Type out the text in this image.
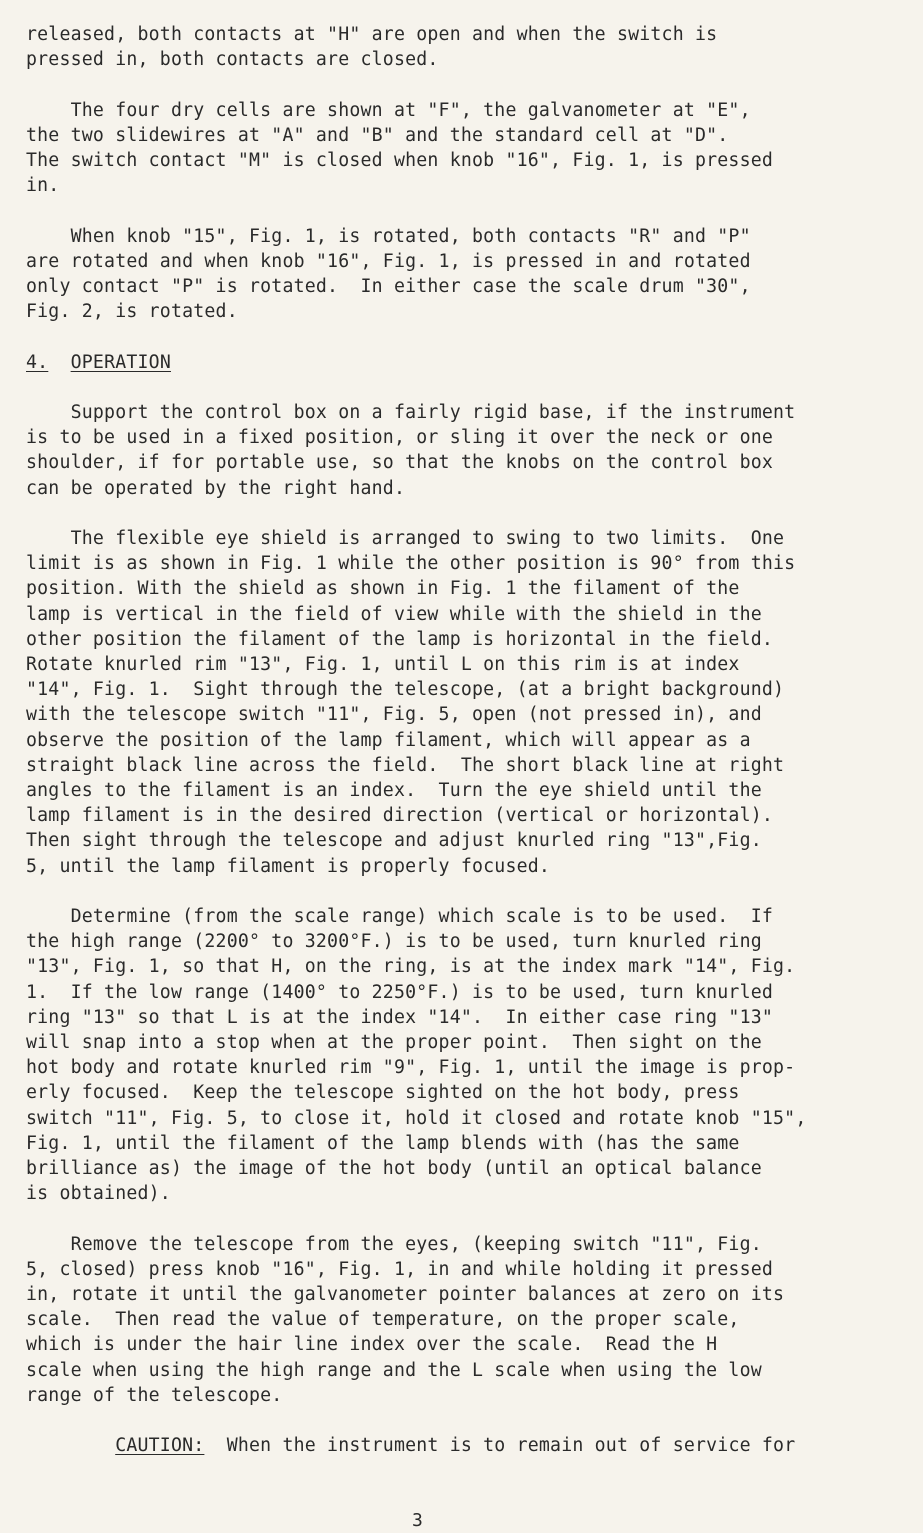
released, both contacts at "H" are open and when the switch is
pressed in, both contacts are closed.
The four dry cells are shown at "F", the galvanometer at "E",
the two slidewires at "A" and "B" and the standard cell at "D".
The switch contact "M" is closed when knob "16", Fig. 1, is pressed
in.
When knob "15", Fig. 1, is rotated, both contacts "R" and "P"
are rotated and when knob "16", Fig. 1, is pressed in and rotated
only contact "P" is rotated.  In either case the scale drum "30",
Fig. 2, is rotated.
4. OPERATION
Support the control box on a fairly rigid base, if the instrument
is to be used in a fixed position, or sling it over the neck or one
shoulder, if for portable use, so that the knobs on the control box
can be operated by the right hand.
The flexible eye shield is arranged to swing to two limits.  One
limit is as shown in Fig. 1 while the other position is 90° from this
position. With the shield as shown in Fig. 1 the filament of the
lamp is vertical in the field of view while with the shield in the
other position the filament of the lamp is horizontal in the field.
Rotate knurled rim "13", Fig. 1, until L on this rim is at index
"14", Fig. 1.  Sight through the telescope, (at a bright background)
with the telescope switch "11", Fig. 5, open (not pressed in), and
observe the position of the lamp filament, which will appear as a
straight black line across the field.  The short black line at right
angles to the filament is an index.  Turn the eye shield until the
lamp filament is in the desired direction (vertical or horizontal).
Then sight through the telescope and adjust knurled ring "13",Fig.
5, until the lamp filament is properly focused.
Determine (from the scale range) which scale is to be used.  If
the high range (2200° to 3200°F.) is to be used, turn knurled ring
"13", Fig. 1, so that H, on the ring, is at the index mark "14", Fig.
1.  If the low range (1400° to 2250°F.) is to be used, turn knurled
ring "13" so that L is at the index "14".  In either case ring "13"
will snap into a stop when at the proper point.  Then sight on the
hot body and rotate knurled rim "9", Fig. 1, until the image is prop-
erly focused.  Keep the telescope sighted on the hot body, press
switch "11", Fig. 5, to close it, hold it closed and rotate knob "15",
Fig. 1, until the filament of the lamp blends with (has the same
brilliance as) the image of the hot body (until an optical balance
is obtained).
Remove the telescope from the eyes, (keeping switch "11", Fig.
5, closed) press knob "16", Fig. 1, in and while holding it pressed
in, rotate it until the galvanometer pointer balances at zero on its
scale.  Then read the value of temperature, on the proper scale,
which is under the hair line index over the scale.  Read the H
scale when using the high range and the L scale when using the low
range of the telescope.
CAUTION:  When the instrument is to remain out of service for
3
